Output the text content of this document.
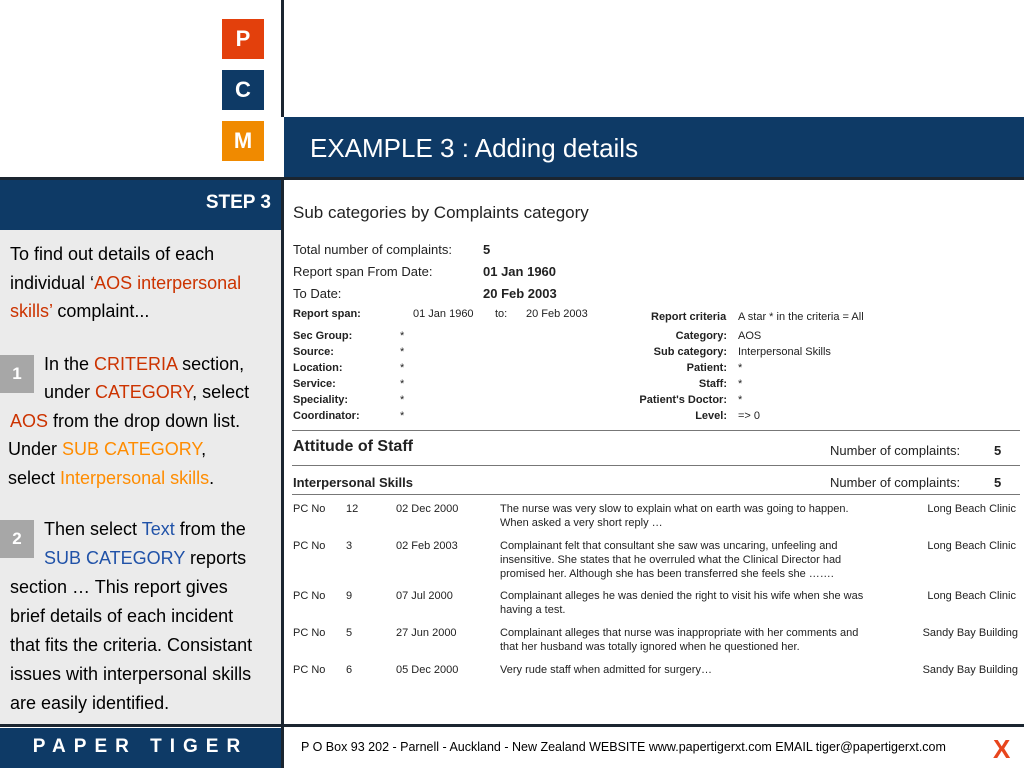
P
C
M	EXAMPLE 3 : Adding details
STEP 3
To find out details of each individual ‘AOS interpersonal skills’ complaint...
1	In the CRITERIA section,
under CATEGORY, select
AOS from the drop down list.
Under SUB CATEGORY,
select Interpersonal skills.
2	Then select Text from the
SUB CATEGORY reports
section … This report gives
brief details of each incident
that fits the criteria. Consistant
issues with interpersonal skills
are easily identified.
Sub categories by Complaints category
Total number of complaints: 5
Report span From Date:	01 Jan 1960
To Date:	20 Feb 2003
Report span:	01 Jan 1960 to: 20 Feb 2003	Report criteria A star * in the criteria = All
Sec Group:	*
Source:	*
Location:	*
Service:	*
Speciality:	*
Coordinator:	*
Category: AOS
Sub category: Interpersonal Skills
Patient: *
Staff: *
Patient's Doctor: *
Level: => 0
Attitude of Staff	Number of complaints:	5
Interpersonal Skills	Number of complaints:	5
PC No 12	02 Dec 2000	The nurse was very slow to explain what on earth was going to happen.
When asked a very short reply …
Long Beach Clinic
PC No 3	02 Feb 2003	Complainant felt that consultant she saw was uncaring, unfeeling and
insensitive. She states that he overruled what the Clinical Director had
promised her. Although she has been transferred she feels she …….
Long Beach Clinic
PC No 9	07 Jul 2000	Complainant alleges he was denied the right to visit his wife when she was
having a test.
Long Beach Clinic
PC No 5	27 Jun 2000	Complainant alleges that nurse was inappropriate with her comments and
that her husband was totally ignored when he questioned her.
Sandy Bay Building
PC No 6	05 Dec 2000	Very rude staff when admitted for surgery…	Sandy Bay Building
PAPER TIGER	P O Box 93 202 - Parnell - Auckland - New Zealand WEBSITE www.papertigerxt.com EMAIL tiger@papertigerxt.com X
